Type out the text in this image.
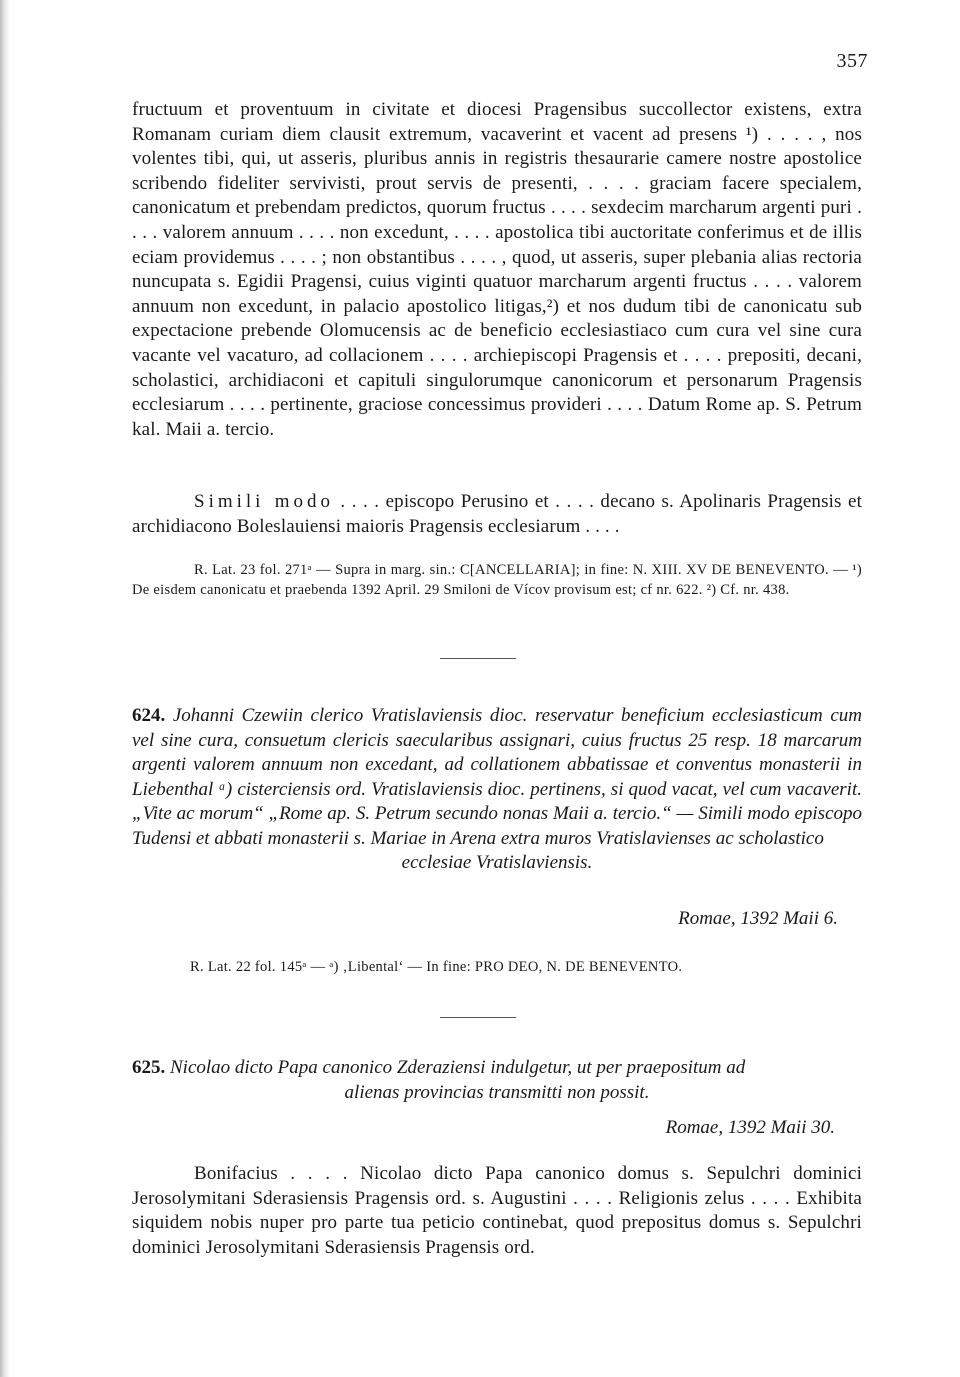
357

fructuum et proventuum in civitate et diocesi Pragensibus succollector existens, extra Romanam curiam diem clausit extremum, vacaverint et vacent ad presens ¹) . . . . , nos volentes tibi, qui, ut asseris, pluribus annis in registris thesaurarie camere nostre apostolice scribendo fideliter servivisti, prout servis de presenti, . . . . graciam facere specialem, canonicatum et prebendam predictos, quorum fructus . . . . sexdecim marcharum argenti puri . . . . valorem annuum . . . . non excedunt, . . . . apostolica tibi auctoritate conferimus et de illis eciam providemus . . . . ; non obstantibus . . . . , quod, ut asseris, super plebania alias rectoria nuncupata s. Egidii Pragensi, cuius viginti quatuor marcharum argenti fructus . . . . valorem annuum non excedunt, in palacio apostolico litigas,²) et nos dudum tibi de canonicatu sub expectacione prebende Olomucensis ac de beneficio ecclesiastiaco cum cura vel sine cura vacante vel vacaturo, ad collacionem . . . . archiepiscopi Pragensis et . . . . prepositi, decani, scholastici, archidiaconi et capituli singulorumque canonicorum et personarum Pragensis ecclesiarum . . . . pertinente, graciose concessimus provideri . . . . Datum Rome ap. S. Petrum kal. Maii a. tercio.

Simili modo . . . . episcopo Perusino et . . . . decano s. Apolinaris Pragensis et archidiacono Boleslauiensi maioris Pragensis ecclesiarum . . . .

R. Lat. 23 fol. 271ᵃ — Supra in marg. sin.: C[ANCELLARIA]; in fine: N. XIII. XV DE BENEVENTO. — ¹) De eisdem canonicatu et praebenda 1392 April. 29 Smiloni de Vícov provisum est; cf nr. 622. ²) Cf. nr. 438.

624. Johanni Czewiin clerico Vratislaviensis dioc. reservatur beneficium ecclesiasticum cum vel sine cura, consuetum clericis saecularibus assignari, cuius fructus 25 resp. 18 marcarum argenti valorem annuum non excedant, ad collationem abbatissae et conventus monasterii in Liebenthal ᵃ) cisterciensis ord. Vratislaviensis dioc. pertinens, si quod vacat, vel cum vacaverit. „Vite ac morum“ „Rome ap. S. Petrum secundo nonas Maii a. tercio.“ — Simili modo episcopo Tudensi et abbati monasterii s. Mariae in Arena extra muros Vratislavienses ac scholastico
ecclesiae Vratislaviensis.

Romae, 1392 Maii 6.

R. Lat. 22 fol. 145ᵃ — ᵃ) ‚Libental‘ — In fine: PRO DEO, N. DE BENEVENTO.

625. Nicolao dicto Papa canonico Zderaziensi indulgetur, ut per praepositum ad
alienas provincias transmitti non possit.

Romae, 1392 Maii 30.

Bonifacius . . . . Nicolao dicto Papa canonico domus s. Sepulchri dominici Jerosolymitani Sderasiensis Pragensis ord. s. Augustini . . . . Religionis zelus . . . . Exhibita siquidem nobis nuper pro parte tua peticio continebat, quod prepositus domus s. Sepulchri dominici Jerosolymitani Sderasiensis Pragensis ord.
